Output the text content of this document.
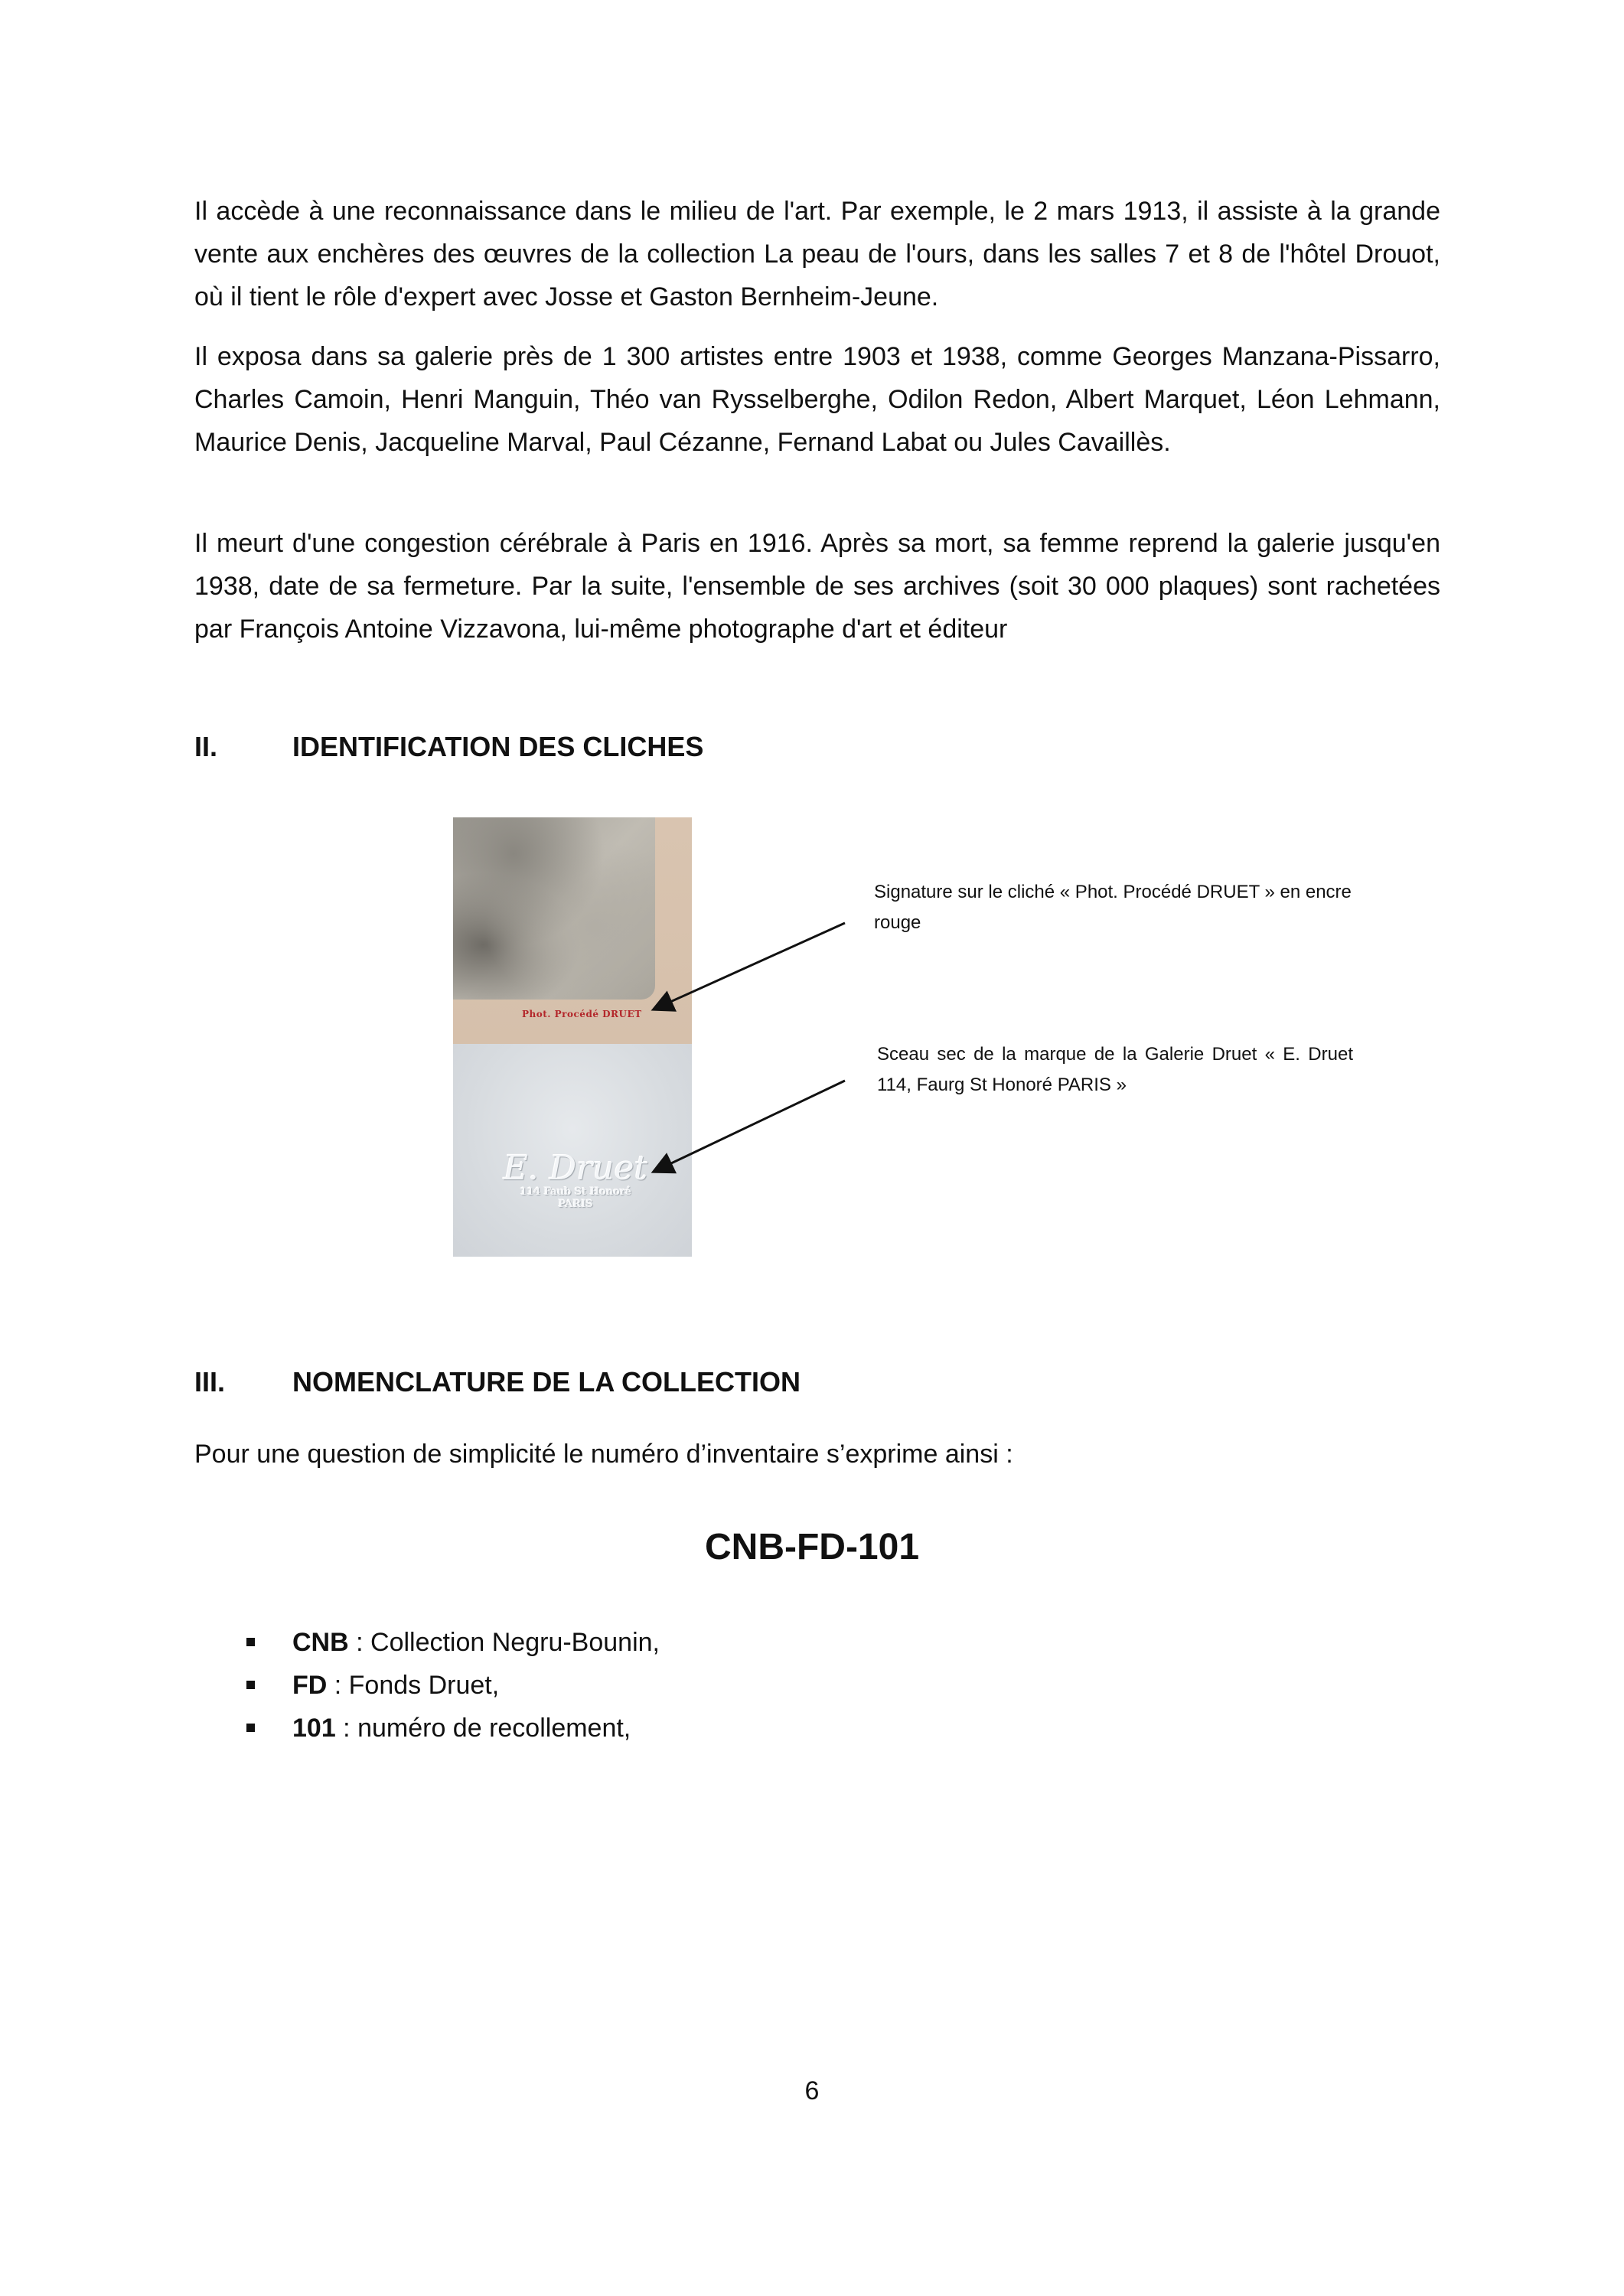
Il accède à une reconnaissance dans le milieu de l'art. Par exemple, le 2 mars 1913, il assiste à la grande vente aux enchères des œuvres de la collection La peau de l'ours, dans les salles 7 et 8 de l'hôtel Drouot, où il tient le rôle d'expert avec Josse et Gaston Bernheim-Jeune.

Il exposa dans sa galerie près de 1 300 artistes entre 1903 et 1938, comme Georges Manzana-Pissarro, Charles Camoin, Henri Manguin, Théo van Rysselberghe, Odilon Redon, Albert Marquet, Léon Lehmann, Maurice Denis, Jacqueline Marval, Paul Cézanne, Fernand Labat ou Jules Cavaillès.

Il meurt d'une congestion cérébrale à Paris en 1916. Après sa mort, sa femme reprend la galerie jusqu'en 1938, date de sa fermeture. Par la suite, l'ensemble de ses archives (soit 30 000 plaques) sont rachetées par François Antoine Vizzavona, lui-même photographe d'art et éditeur

II.	IDENTIFICATION DES CLICHES
Phot. Procédé DRUET
E. Druet
114 Faub St Honoré
PARIS

Signature sur le cliché « Phot. Procédé DRUET » en encre rouge

Sceau sec de la marque de la Galerie Druet « E. Druet 114, Faurg St Honoré PARIS »

III. NOMENCLATURE DE LA COLLECTION

Pour une question de simplicité le numéro d’inventaire s’exprime ainsi :

CNB-FD-101

CNB : Collection Negru-Bounin,
FD : Fonds Druet,
101 : numéro de recollement,

6
